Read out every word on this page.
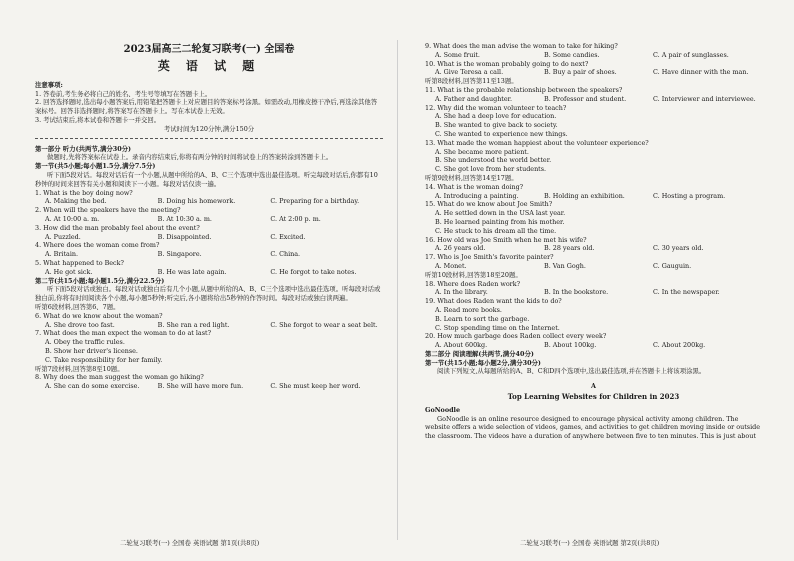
2023届高三二轮复习联考(一) 全国卷
英 语 试 题
注意事项:

1. 答卷前,考生务必将自己的姓名、考生号等填写在答题卡上。

2. 回答选择题时,选出每小题答案后,用铅笔把答题卡上对应题目的答案标号涂黑。如需改动,用橡皮擦干净后,再选涂其他答案标号。回答非选择题时,将答案写在答题卡上。写在本试卷上无效。

3. 考试结束后,将本试卷和答题卡一并交回。

考试时间为120分钟,满分150分
第一部分 听力(共两节,满分30分)

做题时,先将答案标在试卷上。录音内容结束后,你将有两分钟的时间将试卷上的答案转涂到答题卡上。

第一节(共5小题;每小题1.5分,满分7.5分)

听下面5段对话。每段对话后有一个小题,从题中所给的A、B、C三个选项中选出最佳选项。听完每段对话后,你都有10秒钟的时间来回答有关小题和阅读下一小题。每段对话仅读一遍。

1. What is the boy doing now?

A. Making the bed.	B. Doing his homework.	C. Preparing for a birthday.

2. When will the speakers have the meeting?

A. At 10:00 a. m.	B. At 10:30 a. m.	C. At 2:00 p. m.

3. How did the man probably feel about the event?

A. Puzzled.	B. Disappointed.	C. Excited.

4. Where does the woman come from?

A. Britain.	B. Singapore.	C. China.

5. What happened to Beck?

A. He got sick.	B. He was late again.	C. He forgot to take notes.
第二节(共15小题;每小题1.5分,满分22.5分)

听下面5段对话或独白。每段对话或独白后有几个小题,从题中所给的A、B、C三个选项中选出最佳选项。听每段对话或独白前,你将有时间阅读各个小题,每小题5秒钟;听完后,各小题将给出5秒钟的作答时间。每段对话或独白读两遍。

听第6段材料,回答第6、7题。

6. What do we know about the woman?

A. She drove too fast.	B. She ran a red light.	C. She forgot to wear a seat belt.

7. What does the man expect the woman to do at last?

A. Obey the traffic rules.
B. Show her driver's license.
C. Take responsibility for her family.

听第7段材料,回答第8至10题。

8. Why does the man suggest the woman go hiking?

A. She can do some exercise.	B. She will have more fun.	C. She must keep her word.
二轮复习联考(一) 全国卷 英语试题 第1页(共8页)

9. What does the man advise the woman to take for hiking?

A. Some fruit.	B. Some candies.	C. A pair of sunglasses.

10. What is the woman probably going to do next?

A. Give Teresa a call.	B. Buy a pair of shoes.	C. Have dinner with the man.

听第8段材料,回答第11至13题。

11. What is the probable relationship between the speakers?

A. Father and daughter.	B. Professor and student.	C. Interviewer and interviewee.

12. Why did the woman volunteer to teach?

A. She had a deep love for education.
B. She wanted to give back to society.
C. She wanted to experience new things.

13. What made the woman happiest about the volunteer experience?

A. She became more patient.
B. She understood the world better.
C. She got love from her students.

听第9段材料,回答第14至17题。

14. What is the woman doing?

A. Introducing a painting.	B. Holding an exhibition.	C. Hosting a program.

15. What do we know about Joe Smith?

A. He settled down in the USA last year.
B. He learned painting from his mother.
C. He stuck to his dream all the time.

16. How old was Joe Smith when he met his wife?

A. 26 years old.	B. 28 years old.	C. 30 years old.

17. Who is Joe Smith's favorite painter?

A. Monet.	B. Van Gogh.	C. Gauguin.

听第10段材料,回答第18至20题。

18. Where does Raden work?

A. In the library.	B. In the bookstore.	C. In the newspaper.

19. What does Raden want the kids to do?

A. Read more books.
B. Learn to sort the garbage.
C. Stop spending time on the Internet.

20. How much garbage does Raden collect every week?

A. About 600kg.	B. About 100kg.	C. About 200kg.
第二部分 阅读理解(共两节,满分40分)
第一节(共15小题;每小题2分,满分30分)

阅读下列短文,从每题所给的A、B、C和D四个选项中,选出最佳选项,并在答题卡上将该项涂黑。

A
Top Learning Websites for Children in 2023
GoNoodle

GoNoodle is an online resource designed to encourage physical activity among children. The website offers a wide selection of videos, games, and activities to get children moving inside or outside the classroom. The videos have a duration of anywhere between five to ten minutes. This is just about

二轮复习联考(一) 全国卷 英语试题 第2页(共8页)
